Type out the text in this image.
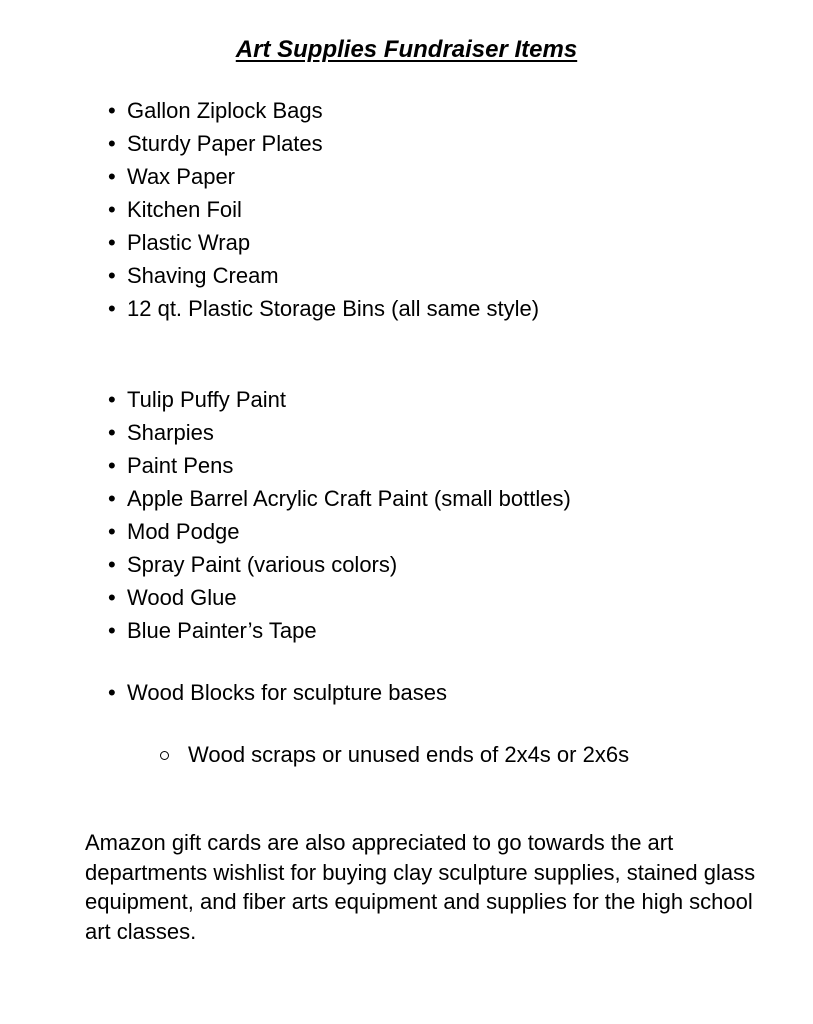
Art Supplies Fundraiser Items
• Gallon Ziplock Bags
• Sturdy Paper Plates
• Wax Paper
• Kitchen Foil
• Plastic Wrap
• Shaving Cream
• 12 qt. Plastic Storage Bins (all same style)
• Tulip Puffy Paint
• Sharpies
• Paint Pens
• Apple Barrel Acrylic Craft Paint (small bottles)
• Mod Podge
• Spray Paint (various colors)
• Wood Glue
• Blue Painter’s Tape
• Wood Blocks for sculpture bases
Wood scraps or unused ends of 2x4s or 2x6s

Amazon gift cards are also appreciated to go towards the art departments wishlist for buying clay sculpture supplies, stained glass equipment, and fiber arts equipment and supplies for the high school art classes.
